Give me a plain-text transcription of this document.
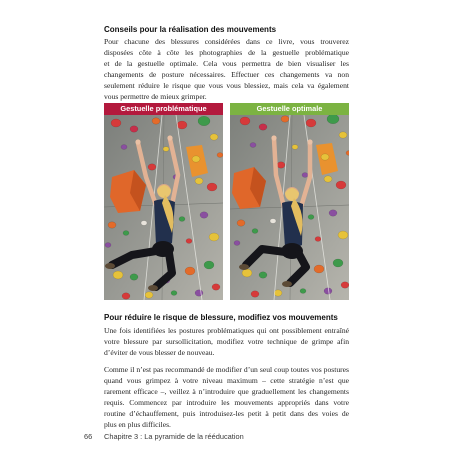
Conseils pour la réalisation des mouvements
Pour chacune des blessures considérées dans ce livre, vous trouverez
disposées côte à côte les photographies de la gestuelle problématique
et de la gestuelle optimale. Cela vous permettra de bien visualiser les
changements de posture nécessaires. Effectuer ces changements va non
seulement réduire le risque que vous vous blessiez, mais cela va également
vous permettre de mieux grimper.
Gestuelle problématique	Gestuelle optimale
Pour réduire le risque de blessure, modifiez vos mouvements
Une fois identifiées les postures problématiques qui ont possiblement entraîné
votre blessure par sursollicitation, modifiez votre technique de grimpe afin
d’éviter de vous blesser de nouveau.
Comme il n’est pas recommandé de modifier d’un seul coup toutes vos postures
quand vous grimpez à votre niveau maximum – cette stratégie n’est que
rarement efficace –, veillez à n’introduire que graduellement les changements
requis. Commencez par introduire les mouvements appropriés dans votre
routine d’échauffement, puis introduisez-les petit à petit dans des voies de
plus en plus difficiles.
66 Chapitre 3 : La pyramide de la rééducation
